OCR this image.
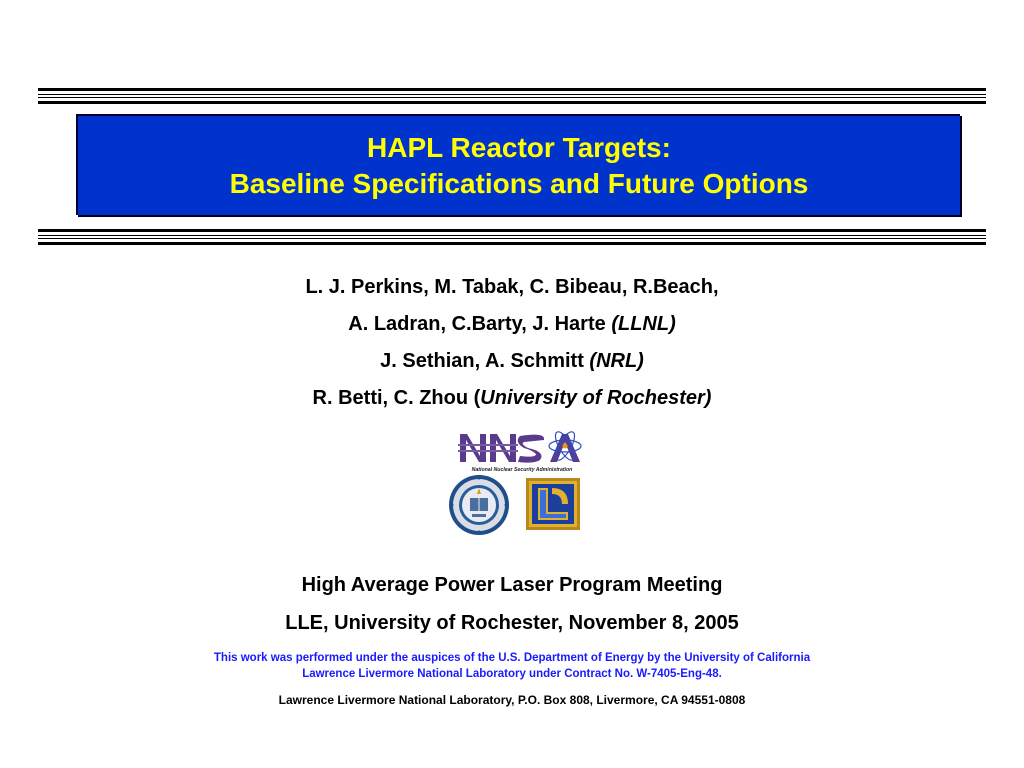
HAPL Reactor Targets:
Baseline Specifications and Future Options
L. J. Perkins, M. Tabak, C. Bibeau, R.Beach,
A. Ladran, C.Barty, J. Harte (LLNL)
J. Sethian, A. Schmitt (NRL)
R. Betti, C. Zhou (University of Rochester)
National Nuclear Security Administration
High Average Power Laser Program Meeting
LLE, University of Rochester, November 8, 2005
This work was performed under the auspices of the U.S. Department of Energy by the University of California
Lawrence Livermore National Laboratory under Contract No. W-7405-Eng-48.
Lawrence Livermore National Laboratory, P.O. Box 808, Livermore, CA 94551-0808
